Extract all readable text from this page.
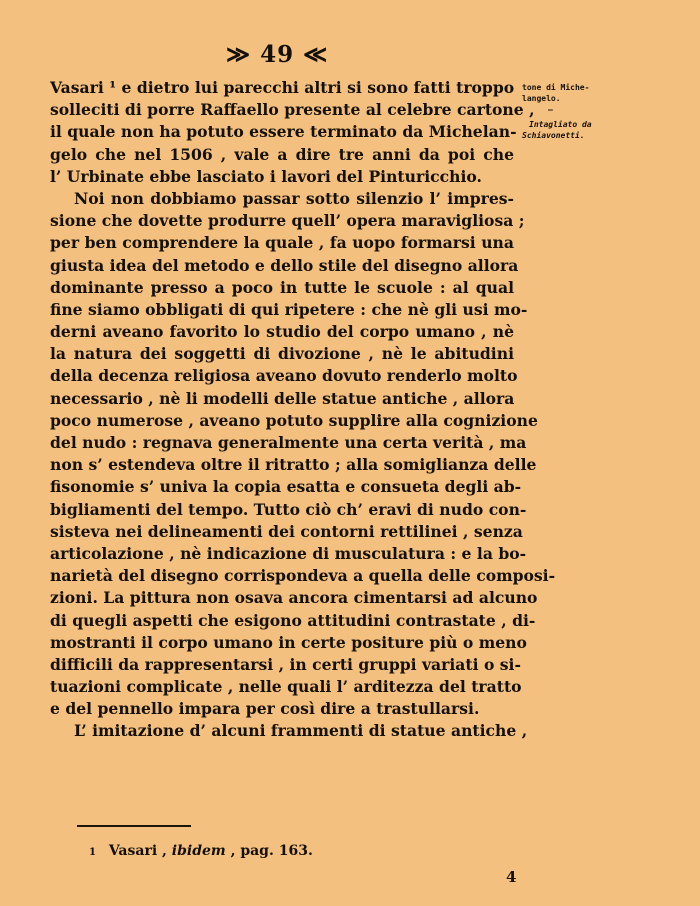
≫ 49 ≪
Vasari ¹ e dietro lui parecchi altri si sono fatti troppo
solleciti di porre Raffaello presente al celebre cartone ,
il quale non ha potuto essere terminato da Michelan-
gelo che nel 1506 , vale a dire tre anni da poi che
l’ Urbinate ebbe lasciato i lavori del Pinturicchio.
Noi non dobbiamo passar sotto silenzio l’ impres-
sione che dovette produrre quell’ opera maravigliosa ;
per ben comprendere la quale , fa uopo formarsi una
giusta idea del metodo e dello stile del disegno allora
dominante presso a poco in tutte le scuole : al qual
fine siamo obbligati di qui ripetere : che nè gli usi mo-
derni aveano favorito lo studio del corpo umano , nè
la natura dei soggetti di divozione , nè le abitudini
della decenza religiosa aveano dovuto renderlo molto
necessario , nè li modelli delle statue antiche , allora
poco numerose , aveano potuto supplire alla cognizione
del nudo : regnava generalmente una certa verità , ma
non s’ estendeva oltre il ritratto ; alla somiglianza delle
fisonomie s’ univa la copia esatta e consueta degli ab-
bigliamenti del tempo. Tutto ciò ch’ eravi di nudo con-
sisteva nei delineamenti dei contorni rettilinei , senza
articolazione , nè indicazione di musculatura : e la bo-
narietà del disegno corrispondeva a quella delle composi-
zioni. La pittura non osava ancora cimentarsi ad alcuno
di quegli aspetti che esigono attitudini contrastate , di-
mostranti il corpo umano in certe positure più o meno
difficili da rappresentarsi , in certi gruppi variati o si-
tuazioni complicate , nelle quali l’ arditezza del tratto
e del pennello impara per così dire a trastullarsi.
L’ imitazione d’ alcuni frammenti di statue antiche ,
tone di Miche-
langelo.
—
Intagliato da
Schiavonetti.
1 Vasari , ibidem , pag. 163.
4
